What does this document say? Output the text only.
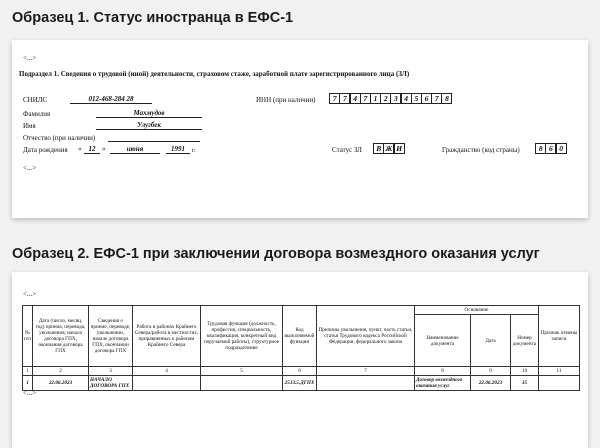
Образец 1. Статус иностранца в ЕФС-1
<...>
Подраздел 1. Сведения о трудовой (иной) деятельности, страховом стаже, заработной плате зарегистрированного лица (ЗЛ)
СНИЛС	012-468-284 28	ИНН (при наличии)	7 7 4 7 1 2 3 4 5 6 7 8
Фамилия	Махмудов
Имя	Улугбек
Отчество (при наличии)
Дата рождения «	12 »	июня	1991	г.	Статус ЗЛ	В Ж И	Гражданство (код страны)	8 6 0
<...>
Образец 2. ЕФС-1 при заключении договора возмездного оказания услуг
<...>
№ п/п	Дата (число, месяц, год) приема, перевода, увольнения, начала договора ГПХ, окончания договора ГПХ	Сведения о приеме, переводе, увольнении, начале договора ГПХ, окончании договора ГПХ	Работа в районах Крайнего Севера/работа в местностях, приравненных к районам Крайнего Севера	Трудовая функция (должность, профессия, специальность, квалификация, конкретный вид поручаемой работы), структурное подразделение	Код выполняемой функции	Причины увольнения, пункт, часть статьи, статья Трудового кодекса Российской Федерации, федерального закона	Основание			Признак отмены записи
							Наименование документа	Дата	Номер документа	
1	2	3	4	5	6	7	8	9	10	11
1	22.06.2023	НАЧАЛО ДОГОВОРА ГПХ			2513.5.ДГПХ		Договор возмездного оказания услуг	22.06.2023	35	
<...>
